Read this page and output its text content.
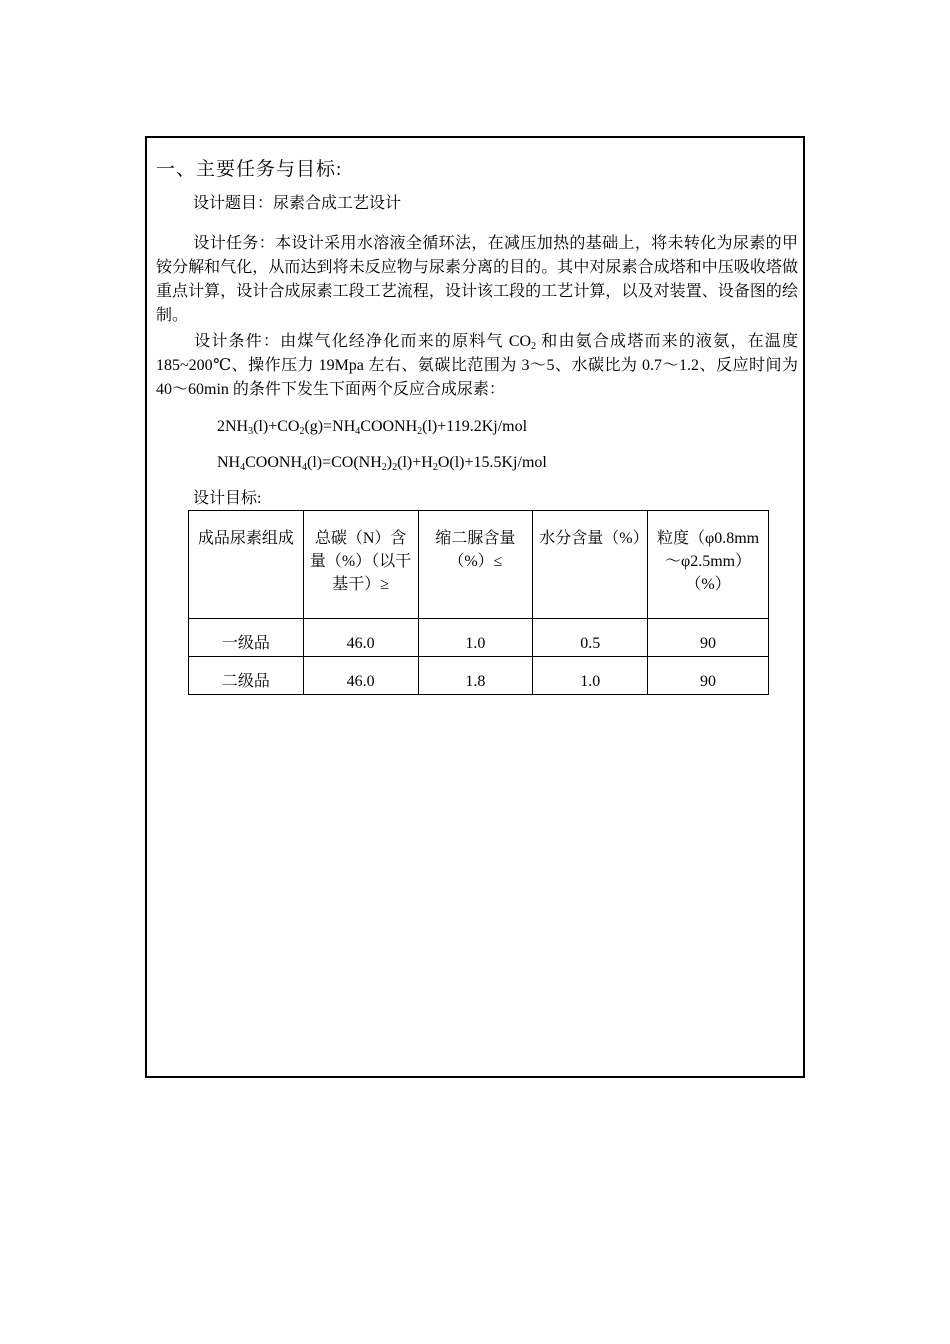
一、主要任务与目标:
设计题目：尿素合成工艺设计
设计任务：本设计采用水溶液全循环法，在减压加热的基础上，将未转化为尿素的甲铵分解和气化，从而达到将未反应物与尿素分离的目的。其中对尿素合成塔和中压吸收塔做重点计算，设计合成尿素工段工艺流程，设计该工段的工艺计算，以及对装置、设备图的绘制。
设计条件：由煤气化经净化而来的原料气 $CO_2$ 和由氨合成塔而来的液氨，在温度 185~200℃、操作压力 19Mpa 左右、氨碳比范围为 3～5、水碳比为 0.7～1.2、反应时间为 40～60min 的条件下发生下面两个反应合成尿素：
$2NH_3(l)+CO_2(g)=NH_4COONH_2(l)+119.2Kj$/mol
$NH_4COONH_4(l)=CO(NH_2)_2(l)+H_2O(l)+15.5Kj$/mol
设计目标:
成品尿素组成	总碳（N）含量（%）（以干基干）≥	缩二脲含量（%）≤	水分含量（%）	粒度（φ0.8mm～φ2.5mm）（%）
一级品	46.0	1.0	0.5	90
二级品	46.0	1.8	1.0	90
